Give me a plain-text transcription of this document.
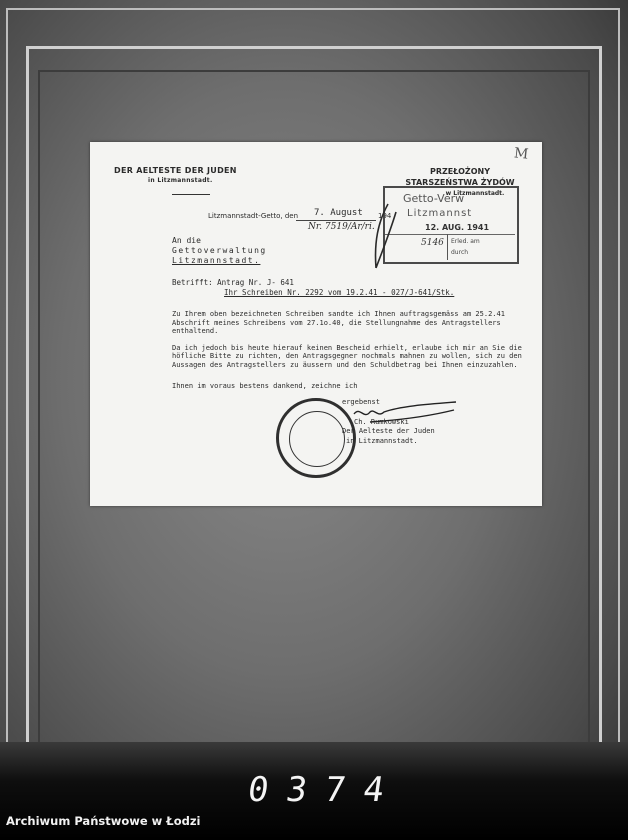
DER AELTESTE DER JUDEN
in Litzmannstadt.
PRZEŁOŻONY
STARSZEŃSTWA ŻYDÓW
w Litzmannstadt.
M
Litzmannstadt-Getto, den 7. August 194
Nr. 7519/Ar/ri.
Getto-Verw
Litzmannst
12. AUG. 1941
5146 Erled. am
durch
An die
Gettoverwaltung
Litzmannstadt.
Betrifft: Antrag Nr. J- 641
Ihr Schreiben Nr. 2292 vom 19.2.41 - 027/J-641/Stk.

Zu Ihrem oben bezeichneten Schreiben sandte ich Ihnen auftragsgemäss am 25.2.41 Abschrift meines Schreibens vom 27.1o.40, die Stellungnahme des Antragstellers enthaltend.

Da ich jedoch bis heute hierauf keinen Bescheid erhielt, erlaube ich mir an Sie die höfliche Bitte zu richten, den Antragsgegner nochmals mahnen zu wollen, sich zu den Aussagen des Antragstellers zu äussern und den Schuldbetrag bei Ihnen einzuzahlen.

Ihnen im voraus bestens dankend, zeichne ich
ergebenst
Ch. Rumkowski
Der Aelteste der Juden
in Litzmannstadt.
0374
Archiwum Państwowe w Łodzi
